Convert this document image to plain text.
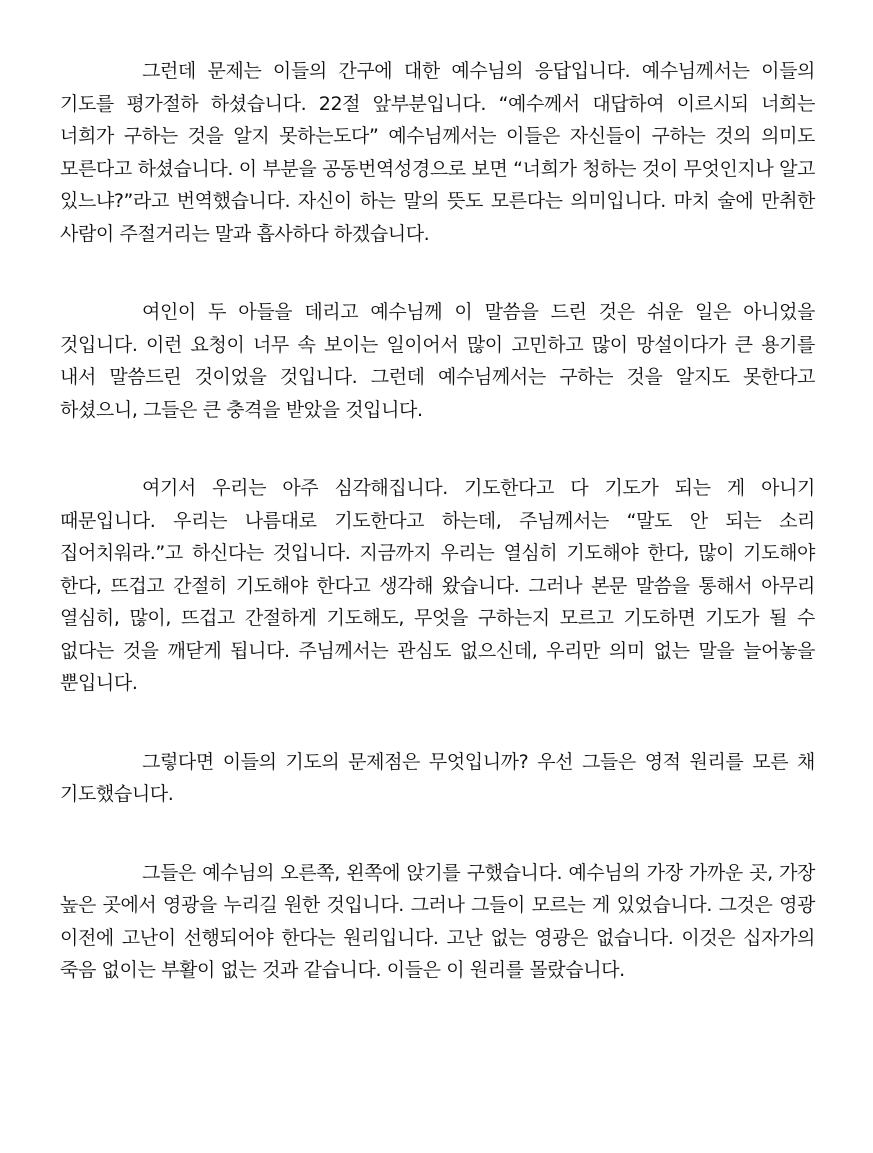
그런데 문제는 이들의 간구에 대한 예수님의 응답입니다. 예수님께서는 이들의 기도를 평가절하 하셨습니다. 22절 앞부분입니다. “예수께서 대답하여 이르시되 너희는 너희가 구하는 것을 알지 못하는도다” 예수님께서는 이들은 자신들이 구하는 것의 의미도 모른다고 하셨습니다. 이 부분을 공동번역성경으로 보면 “너희가 청하는 것이 무엇인지나 알고 있느냐?”라고 번역했습니다. 자신이 하는 말의 뜻도 모른다는 의미입니다. 마치 술에 만취한 사람이 주절거리는 말과 흡사하다 하겠습니다.

여인이 두 아들을 데리고 예수님께 이 말씀을 드린 것은 쉬운 일은 아니었을 것입니다. 이런 요청이 너무 속 보이는 일이어서 많이 고민하고 많이 망설이다가 큰 용기를 내서 말씀드린 것이었을 것입니다. 그런데 예수님께서는 구하는 것을 알지도 못한다고 하셨으니, 그들은 큰 충격을 받았을 것입니다.

여기서 우리는 아주 심각해집니다. 기도한다고 다 기도가 되는 게 아니기 때문입니다. 우리는 나름대로 기도한다고 하는데, 주님께서는 “말도 안 되는 소리 집어치워라.”고 하신다는 것입니다. 지금까지 우리는 열심히 기도해야 한다, 많이 기도해야 한다, 뜨겁고 간절히 기도해야 한다고 생각해 왔습니다. 그러나 본문 말씀을 통해서 아무리 열심히, 많이, 뜨겁고 간절하게 기도해도, 무엇을 구하는지 모르고 기도하면 기도가 될 수 없다는 것을 깨닫게 됩니다. 주님께서는 관심도 없으신데, 우리만 의미 없는 말을 늘어놓을 뿐입니다.

그렇다면 이들의 기도의 문제점은 무엇입니까? 우선 그들은 영적 원리를 모른 채 기도했습니다.

그들은 예수님의 오른쪽, 왼쪽에 앉기를 구했습니다. 예수님의 가장 가까운 곳, 가장 높은 곳에서 영광을 누리길 원한 것입니다. 그러나 그들이 모르는 게 있었습니다. 그것은 영광 이전에 고난이 선행되어야 한다는 원리입니다. 고난 없는 영광은 없습니다. 이것은 십자가의 죽음 없이는 부활이 없는 것과 같습니다. 이들은 이 원리를 몰랐습니다.
